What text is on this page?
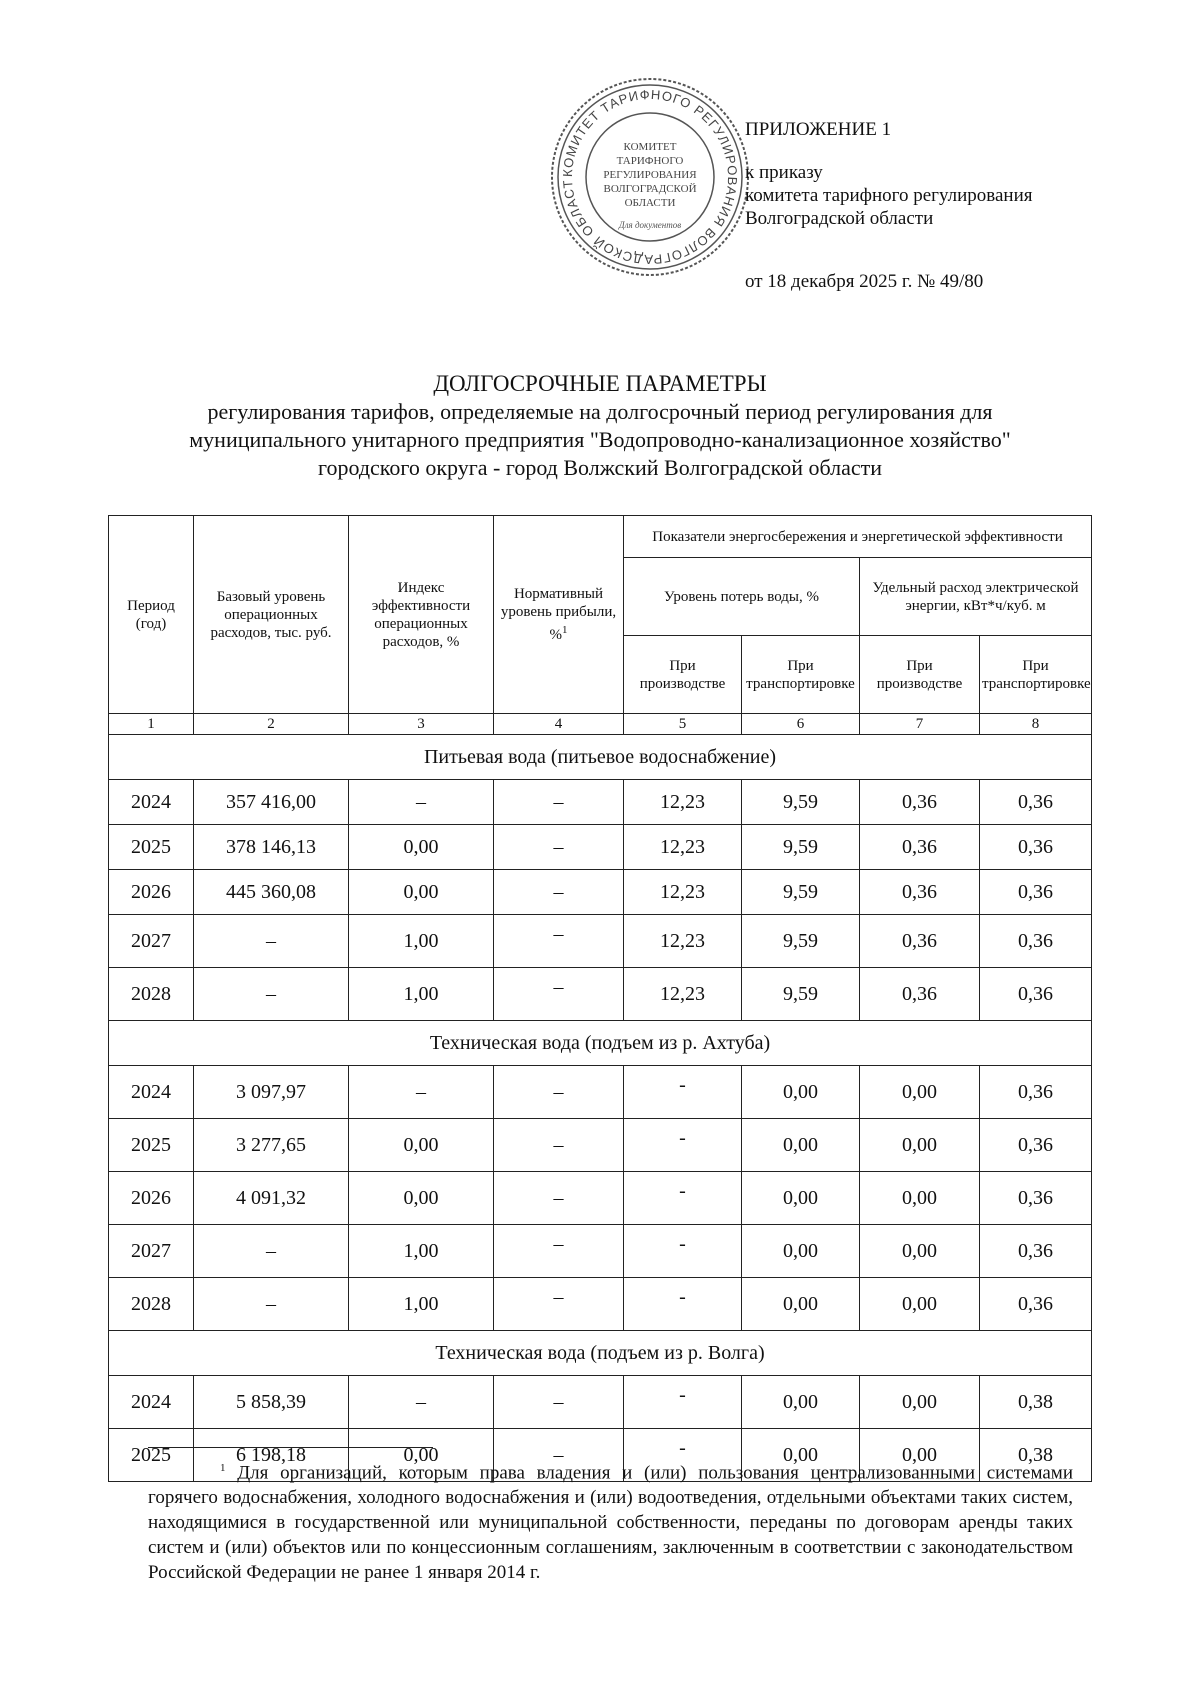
КОМИТЕТ ТАРИФНОГО РЕГУЛИРОВАНИЯ ВОЛГОГРАДСКОЙ ОБЛАСТ
КОМИТЕТ
ТАРИФНОГО
РЕГУЛИРОВАНИЯ
ВОЛГОГРАДСКОЙ
ОБЛАСТИ
Для документов
ПРИЛОЖЕНИЕ 1
к приказу
комитета тарифного регулирования
Волгоградской области
от 18 декабря 2025 г. № 49/80
ДОЛГОСРОЧНЫЕ ПАРАМЕТРЫ
регулирования тарифов, определяемые на долгосрочный период регулирования для
муниципального унитарного предприятия "Водопроводно-канализационное хозяйство"
городского округа - город Волжский Волгоградской области
Период (год)	Базовый уровень операционных расходов, тыс. руб.	Индекс эффективности операционных расходов, %	Нормативный уровень прибыли, %$^1$	Показатели энергосбережения и энергетической эффективности			
				Уровень потерь воды, %		Удельный расход электрической энергии, кВт*ч/куб. м	
				При производстве	При транспортировке	При производстве	При транспортировке
1	2	3	4	5	6	7	8
Питьевая вода (питьевое водоснабжение)							
2024	357 416,00	–	–	12,23	9,59	0,36	0,36
2025	378 146,13	0,00	–	12,23	9,59	0,36	0,36
2026	445 360,08	0,00	–	12,23	9,59	0,36	0,36
2027	–	1,00	–	12,23	9,59	0,36	0,36
2028	–	1,00	–	12,23	9,59	0,36	0,36
Техническая вода (подъем из р. Ахтуба)							
2024	3 097,97	–	–	-	0,00	0,00	0,36
2025	3 277,65	0,00	–	-	0,00	0,00	0,36
2026	4 091,32	0,00	–	-	0,00	0,00	0,36
2027	–	1,00	–	-	0,00	0,00	0,36
2028	–	1,00	–	-	0,00	0,00	0,36
Техническая вода (подъем из р. Волга)							
2024	5 858,39	–	–	-	0,00	0,00	0,38
2025	6 198,18	0,00	–	-	0,00	0,00	0,38
$^1$ Для организаций, которым права владения и (или) пользования централизованными системами горячего водоснабжения, холодного водоснабжения и (или) водоотведения, отдельными объектами таких систем, находящимися в государственной или муниципальной собственности, переданы по договорам аренды таких систем и (или) объектов или по концессионным соглашениям, заключенным в соответствии с законодательством Российской Федерации не ранее 1 января 2014 г.
